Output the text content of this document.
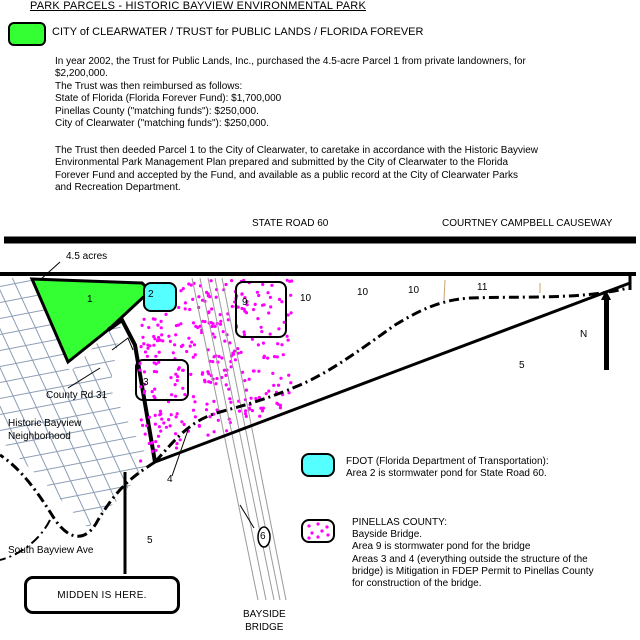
PARK PARCELS - HISTORIC BAYVIEW ENVIRONMENTAL PARK
CITY of CLEARWATER / TRUST for PUBLIC LANDS / FLORIDA FOREVER
In year 2002, the Trust for Public Lands, Inc., purchased the 4.5-acre Parcel 1 from private landowners, for
$2,200,000.
The Trust was then reimbursed as follows:
State of Florida (Florida Forever Fund): $1,700,000
Pinellas County ("matching funds"): $250,000.
City of Clearwater ("matching funds"): $250,000.
The Trust then deeded Parcel 1 to the City of Clearwater, to caretake in accordance with the Historic Bayview
Environmental Park Management Plan prepared and submitted by the City of Clearwater to the Florida
Forever Fund and accepted by the Fund, and available as a public record at the City of Clearwater Parks
and Recreation Department.
STATE ROAD 60	COURTNEY CAMPBELL CAUSEWAY
4.5 acres
1	2
9
3
10
10	10	11
5
5
4
6
N
County Rd 31
Historic Bayview
Neighborhood
South Bayview Ave
BAYSIDE
BRIDGE
MIDDEN IS HERE.
FDOT (Florida Department of Transportation):
Area 2 is stormwater pond for State Road 60.
PINELLAS COUNTY:
Bayside Bridge.
Area 9 is stormwater pond for the bridge
Areas 3 and 4 (everything outside the structure of the
bridge) is Mitigation in FDEP Permit to Pinellas County
for construction of the bridge.
